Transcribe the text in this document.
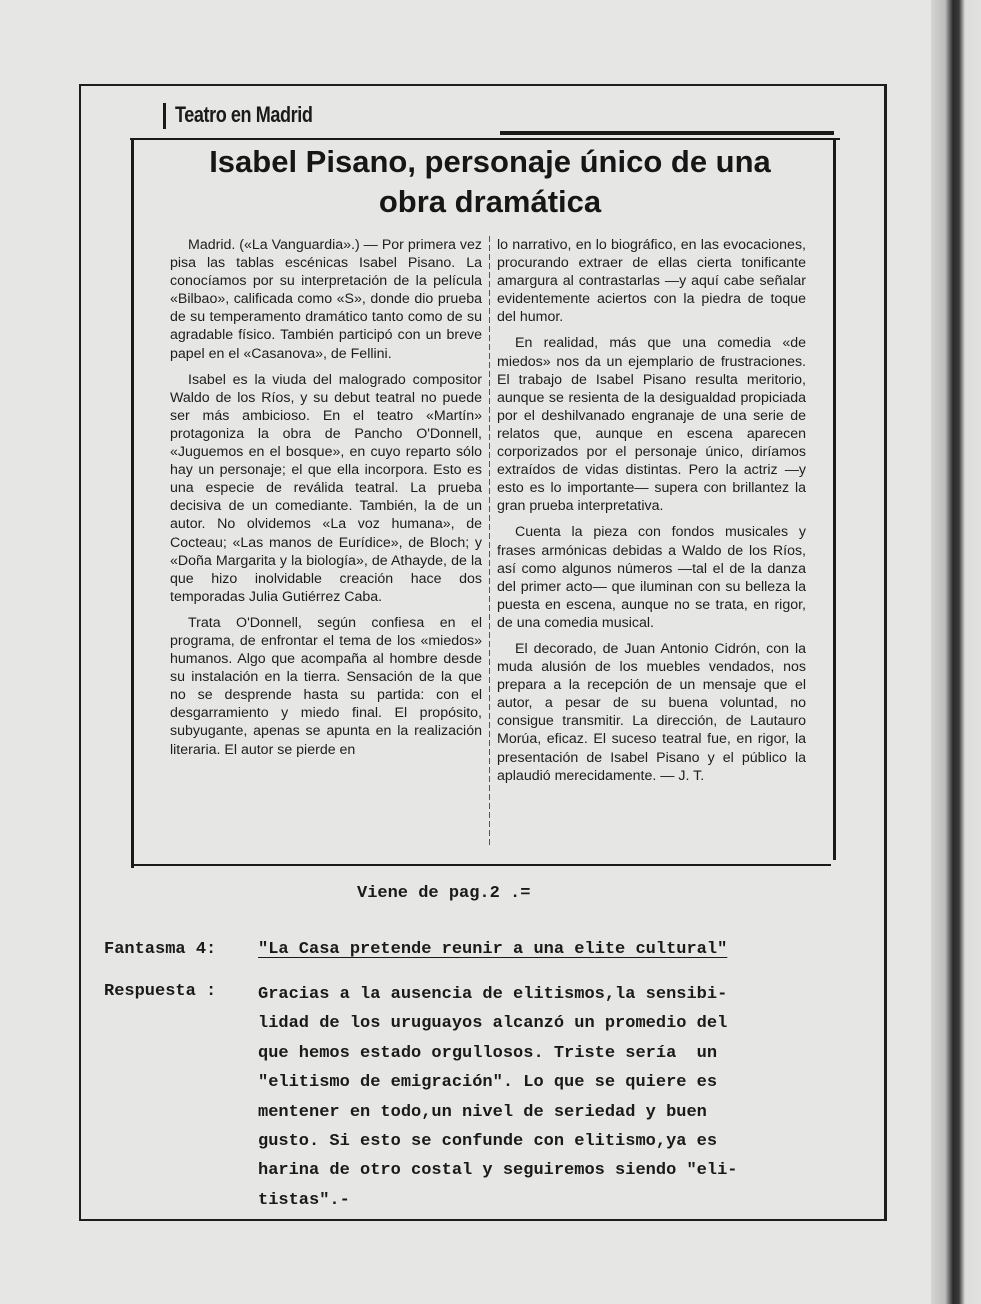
Teatro en Madrid
Isabel Pisano, personaje único de una
obra dramática

Madrid. («La Vanguardia».) — Por primera vez pisa las tablas escénicas Isabel Pisano. La conocíamos por su interpretación de la película «Bilbao», calificada como «S», donde dio prueba de su temperamento dramático tanto como de su agradable físico. También participó con un breve papel en el «Casanova», de Fellini.

Isabel es la viuda del malogrado compositor Waldo de los Ríos, y su debut teatral no puede ser más ambicioso. En el teatro «Martín» protagoniza la obra de Pancho O'Donnell, «Juguemos en el bosque», en cuyo reparto sólo hay un personaje; el que ella incorpora. Esto es una especie de reválida teatral. La prueba decisiva de un comediante. También, la de un autor. No olvidemos «La voz humana», de Cocteau; «Las manos de Eurídice», de Bloch; y «Doña Margarita y la biología», de Athayde, de la que hizo inolvidable creación hace dos temporadas Julia Gutiérrez Caba.

Trata O'Donnell, según confiesa en el programa, de enfrontar el tema de los «miedos» humanos. Algo que acompaña al hombre desde su instalación en la tierra. Sensación de la que no se desprende hasta su partida: con el desgarramiento y miedo final. El propósito, subyugante, apenas se apunta en la realización literaria. El autor se pierde en

lo narrativo, en lo biográfico, en las evocaciones, procurando extraer de ellas cierta tonificante amargura al contrastarlas —y aquí cabe señalar evidentemente aciertos con la piedra de toque del humor.

En realidad, más que una comedia «de miedos» nos da un ejemplario de frustraciones. El trabajo de Isabel Pisano resulta meritorio, aunque se resienta de la desigualdad propiciada por el deshilvanado engranaje de una serie de relatos que, aunque en escena aparecen corporizados por el personaje único, diríamos extraídos de vidas distintas. Pero la actriz —y esto es lo importante— supera con brillantez la gran prueba interpretativa.

Cuenta la pieza con fondos musicales y frases armónicas debidas a Waldo de los Ríos, así como algunos números —tal el de la danza del primer acto— que iluminan con su belleza la puesta en escena, aunque no se trata, en rigor, de una comedia musical.

El decorado, de Juan Antonio Cidrón, con la muda alusión de los muebles vendados, nos prepara a la recepción de un mensaje que el autor, a pesar de su buena voluntad, no consigue transmitir. La dirección, de Lautauro Morúa, eficaz. El suceso teatral fue, en rigor, la presentación de Isabel Pisano y el público la aplaudió merecidamente. — J. T.

Viene de pag.2 .=
Fantasma 4: "La Casa pretende reunir a una elite cultural"
Respuesta : Gracias a la ausencia de elitismos,la sensibi-
lidad de los uruguayos alcanzó un promedio del
que hemos estado orgullosos. Triste sería  un
"elitismo de emigración". Lo que se quiere es
mentener en todo,un nivel de seriedad y buen
gusto. Si esto se confunde con elitismo,ya es
harina de otro costal y seguiremos siendo "eli-
tistas".-
